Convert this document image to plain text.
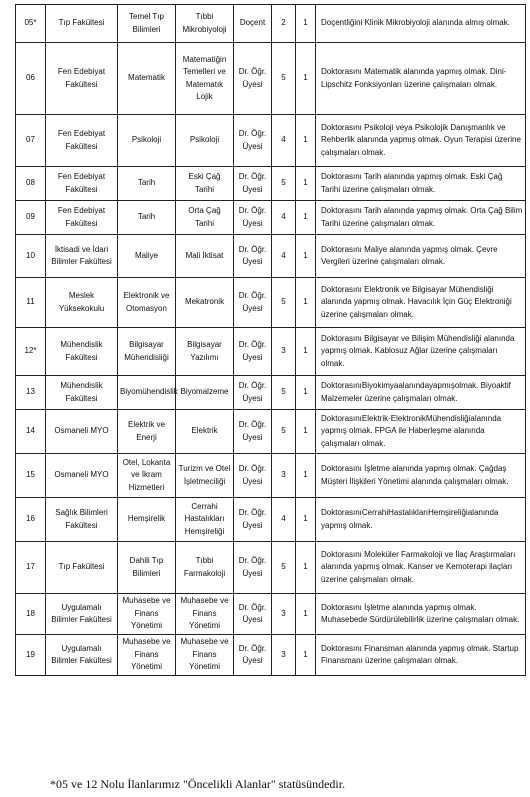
05*	Tıp Fakültesi	Temel Tıp Bilimleri	Tıbbi Mikrobiyoloji	Doçent	2	1	Doçentliğini Klinik Mikrobiyoloji alanında almış olmak.
06	Fen Edebiyat Fakültesi	Matematik	Matematiğin Temelleri ve Matematık Lojik	Dr. Öğr. Üyesi	5	1	Doktorasını Matematik alanında yapmış olmak. Dini-Lipschitz Fonksiyonları üzerine çalışmaları olmak.
07	Fen Edebiyat Fakültesi	Psikoloji	Psikoloji	Dr. Öğr. Üyesi	4	1	Doktorasını Psikoloji veya Psikolojik Danışmanlık ve Rehberlik alanında yapmış olmak. Oyun Terapisi üzerine çalışmaları olmak.
08	Fen Edebiyat Fakültesi	Tarih	Eski Çağ Tarihi	Dr. Öğr. Üyesi	5	1	Doktorasını Tarih alanında yapmış olmak. Eski Çağ Tarihi üzerine çalışmaları olmak.
09	Fen Edebiyat Fakültesi	Tarih	Orta Çağ Tarihi	Dr. Öğr. Üyesi	4	1	Doktorasını Tarih alanında yapmış olmak. Orta Çağ Bilim Tarihi üzerine çalışmaları olmak.
10	İktisadi ve İdari Bilimler Fakültesi	Maliye	Mali İktisat	Dr. Öğr. Üyesi	4	1	Doktorasını Maliye alanında yapmış olmak. Çevre Vergileri üzerine çalışmaları olmak.
11	Meslek Yüksekokulu	Elektronik ve Otomasyon	Mekatronik	Dr. Öğr. Üyesi	5	1	Doktorasını Elektronik ve Bilgisayar Mühendisliği alanında yapmış olmak. Havacılık İçin Güç Elektroniği üzerine çalışmaları olmak.
12*	Mühendislik Fakültesi	Bilgisayar Mühendisliği	Bilgisayar Yazılımı	Dr. Öğr. Üyesi	3	1	Doktorasını Bilgisayar ve Bilişim Mühendisliği alanında yapmış olmak. Kablosuz Ağlar üzerine çalışmaları olmak.
13	Mühendislik Fakültesi	Biyomühendislik	Biyomalzeme	Dr. Öğr. Üyesi	5	1	DoktorasınıBiyokimyaalanındayapmışolmak. Biyoaktif Malzemeler üzerine çalışmaları olmak.
14	Osmaneli MYO	Elektrik ve Enerji	Elektrik	Dr. Öğr. Üyesi	5	1	DoktorasınıElektrik-ElektronikMühendisliğialanında yapmış olmak. FPGA ile Haberleşme alanında çalışmaları olmak.
15	Osmaneli MYO	Otel, Lokanta ve İkram Hizmetleri	Turizm ve Otel İşletmeciliği	Dr. Öğr. Üyesi	3	1	Doktorasını İşletme alanında yapmış olmak. Çağdaş Müşteri İlişkileri Yönetimi alanında çalışmaları olmak.
16	Sağlık Bilimleri Fakültesi	Hemşirelik	Cerrahi Hastalıkları Hemşireliği	Dr. Öğr. Üyesi	4	1	DoktorasınıCerrahiHastalıklarıHemşireliğialanında yapmış olmak.
17	Tıp Fakültesi	Dahili Tıp Bilimleri	Tıbbi Farmakoloji	Dr. Öğr. Üyesi	5	1	Doktorasını Moleküler Farmakoloji ve İlaç Araştırmaları alanında yapmış olmak. Kanser ve Kemoterapi ilaçları üzerine çalışmaları olmak.
18	Uygulamalı Bilimler Fakültesi	Muhasebe ve Finans Yönetimi	Muhasebe ve Finans Yönetimi	Dr. Öğr. Üyesi	3	1	Doktorasını İşletme alanında yapmış olmak. Muhasebede Sürdürülebilirlik üzerine çalışmaları olmak.
19	Uygulamalı Bilimler Fakültesi	Muhasebe ve Finans Yönetimi	Muhasebe ve Finans Yönetimi	Dr. Öğr. Üyesi	3	1	Doktorasını Finansman alanında yapmış olmak. Startup Finansmanı üzerine çalışmaları olmak.
*05 ve 12 Nolu İlanlarımız "Öncelikli Alanlar" statüsündedir.
